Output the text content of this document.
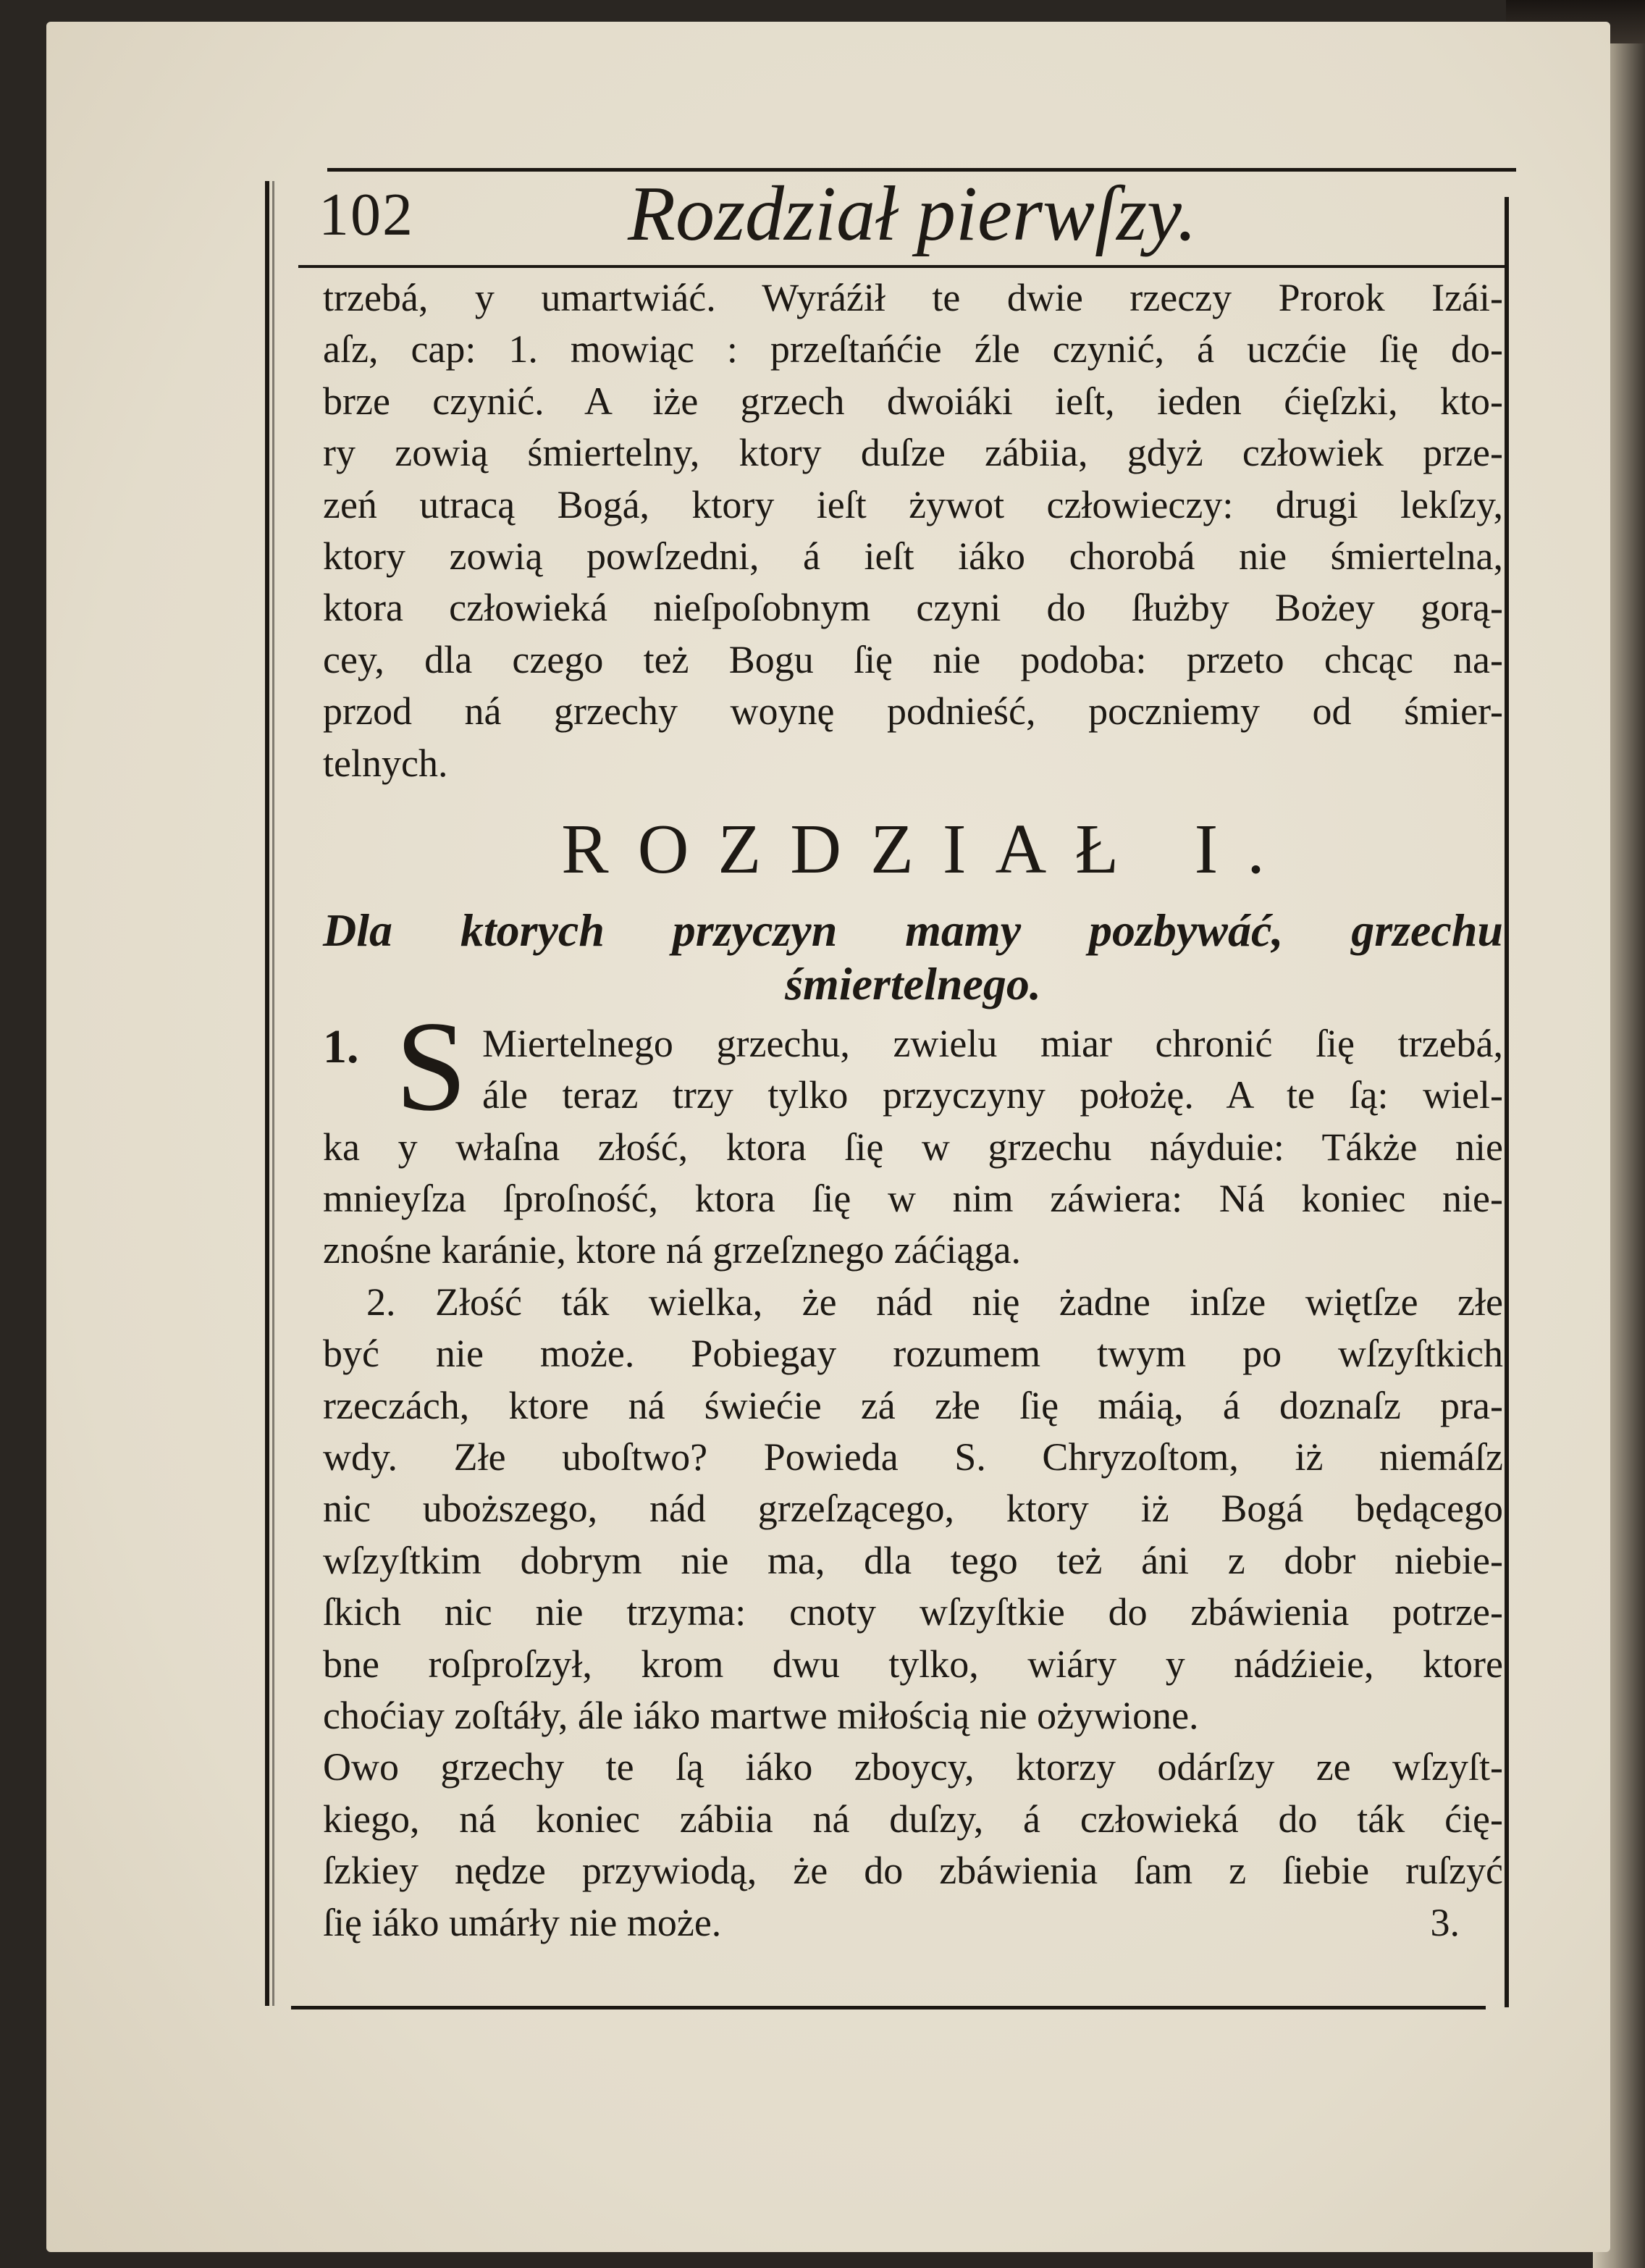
102	Rozdział pierwſzy.
trzebá, y umartwiáć. Wyráźił te dwie rzeczy Prorok Izái-
aſz, cap: 1. mowiąc : przeſtańćie źle czynić, á uczćie ſię do-
brze czynić. A iże grzech dwoiáki ieſt, ieden ćięſzki, kto-
ry zowią śmiertelny, ktory duſze zábiia, gdyż człowiek prze-
zeń utracą Bogá, ktory ieſt żywot człowieczy: drugi lekſzy,
ktory zowią powſzedni, á ieſt iáko chorobá nie śmiertelna,
ktora człowieká nieſpoſobnym czyni do ſłużby Bożey gorą-
cey, dla czego też Bogu ſię nie podoba: przeto chcąc na-
przod ná grzechy woynę podnieść, poczniemy od śmier-
telnych.
ROZDZIAŁ I.
Dla ktorych przyczyn mamy pozbywáć, grzechu
śmiertelnego.
1. S Miertelnego grzechu, zwielu miar chronić ſię trzebá,
ále teraz trzy tylko przyczyny położę. A te ſą: wiel-
ka y właſna złość, ktora ſię w grzechu náyduie: Tákże nie
mnieyſza ſproſność, ktora ſię w nim záwiera: Ná koniec nie-
znośne karánie, ktore ná grzeſznego záćiąga.
2. Złość ták wielka, że nád nię żadne inſze więtſze złe
być nie może. Pobiegay rozumem twym po wſzyſtkich
rzeczách, ktore ná świećie zá złe ſię máią, á doznaſz pra-
wdy. Złe uboſtwo? Powieda S. Chryzoſtom, iż niemáſz
nic uboższego, nád grzeſzącego, ktory iż Bogá będącego
wſzyſtkim dobrym nie ma, dla tego też áni z dobr niebie-
ſkich nic nie trzyma: cnoty wſzyſtkie do zbáwienia potrze-
bne roſproſzył, krom dwu tylko, wiáry y nádźieie, ktore
choćiay zoſtáły, ále iáko martwe miłością nie ożywione.
Owo grzechy te ſą iáko zboycy, ktorzy odárſzy ze wſzyſt-
kiego, ná koniec zábiia ná duſzy, á człowieká do ták ćię-
ſzkiey nędze przywiodą, że do zbáwienia ſam z ſiebie ruſzyć
ſię iáko umárły nie może.	3.
